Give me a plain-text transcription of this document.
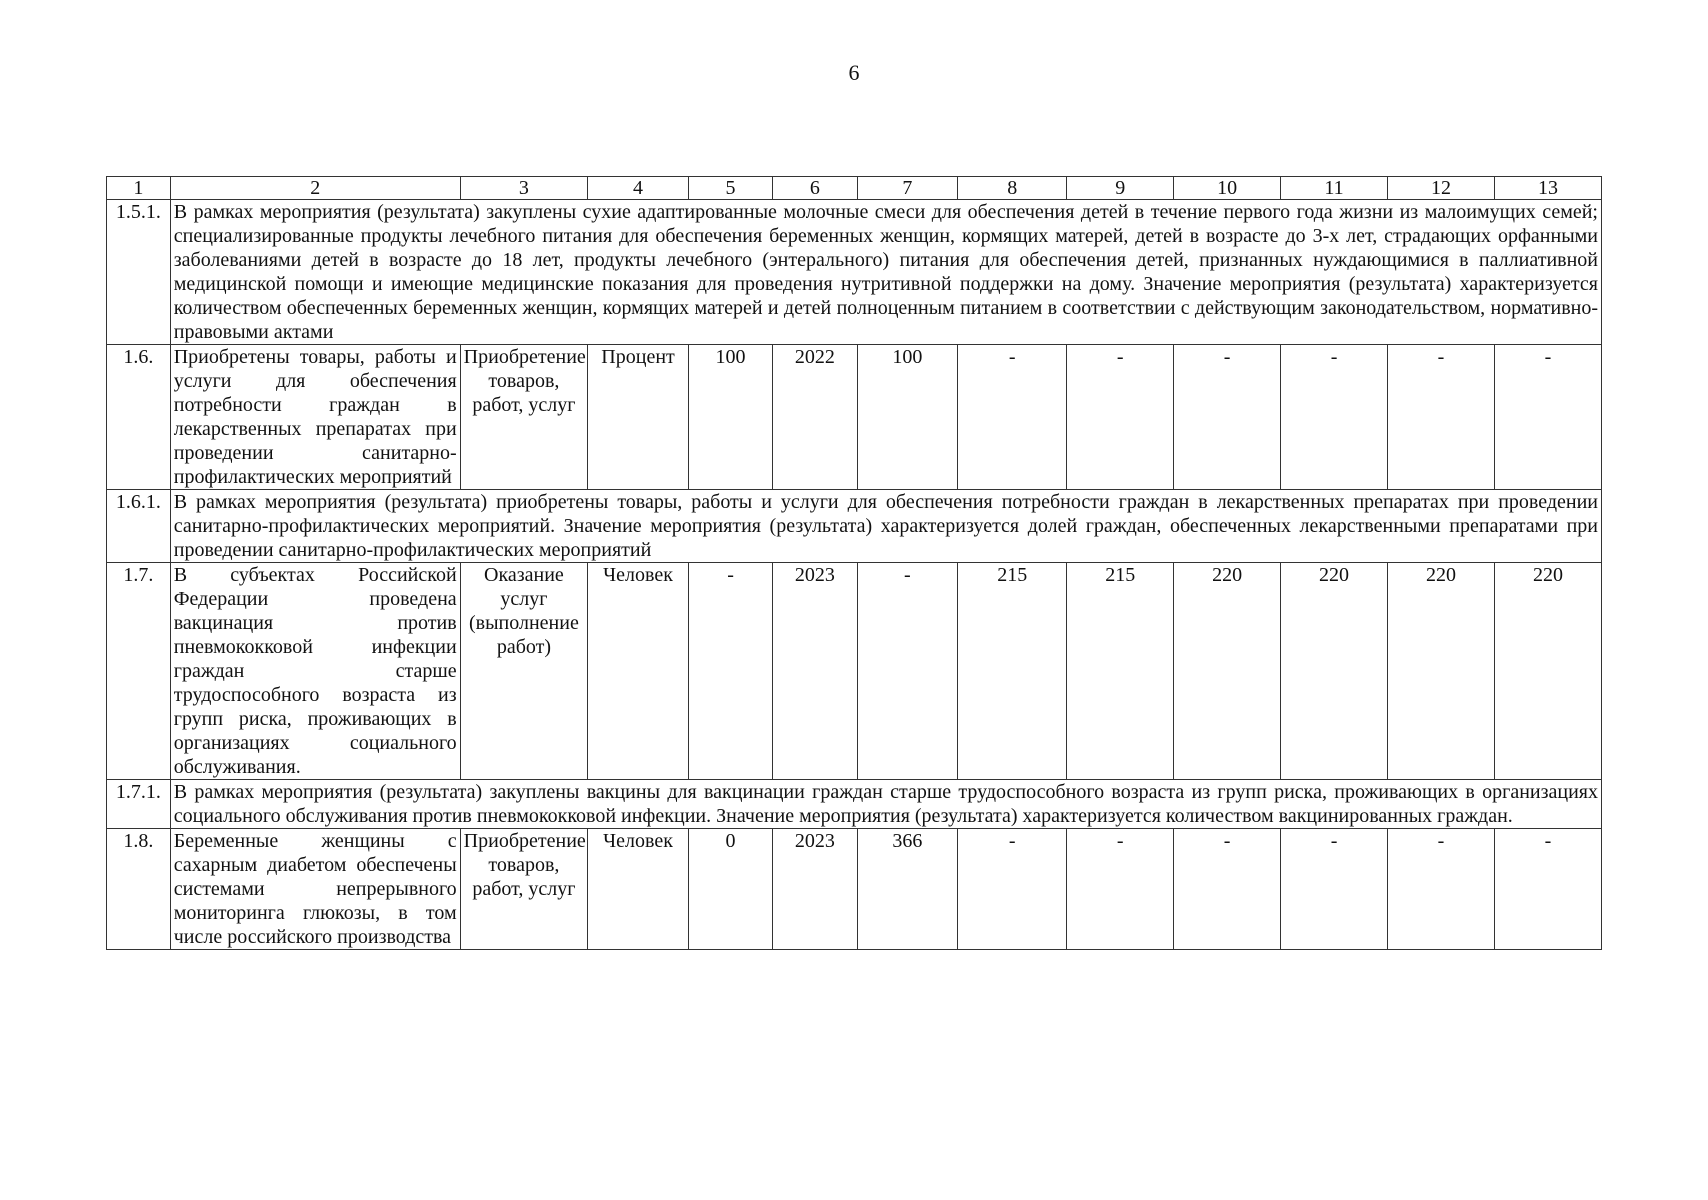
6
1	2	3	4	5	6	7	8	9	10	11	12	13
1.5.1.	В рамках мероприятия (результата) закуплены сухие адаптированные молочные смеси для обеспечения детей в течение первого года жизни из малоимущих семей; специализированные продукты лечебного питания для обеспечения беременных женщин, кормящих матерей, детей в возрасте до 3-х лет, страдающих орфанными заболеваниями детей в возрасте до 18 лет, продукты лечебного (энтерального) питания для обеспечения детей, признанных нуждающимися в паллиативной медицинской помощи и имеющие медицинские показания для проведения нутритивной поддержки на дому. Значение мероприятия (результата) характеризуется количеством обеспеченных беременных женщин, кормящих матерей и детей полноценным питанием в соответствии с действующим законодательством, нормативно-правовыми актами											
1.6.	Приобретены товары, работы и услуги для обеспечения потребности граждан в лекарственных препаратах при проведении санитарно-профилактических мероприятий	Приобретение товаров, работ, услуг	Процент	100	2022	100	-	-	-	-	-	-
1.6.1.	В рамках мероприятия (результата) приобретены товары, работы и услуги для обеспечения потребности граждан в лекарственных препаратах при проведении санитарно-профилактических мероприятий. Значение мероприятия (результата) характеризуется долей граждан, обеспеченных лекарственными препаратами при проведении санитарно-профилактических мероприятий											
1.7.	В субъектах Российской Федерации проведена вакцинация против пневмококковой инфекции граждан старше трудоспособного возраста из групп риска, проживающих в организациях социального обслуживания.	Оказание услуг (выполнение работ)	Человек	-	2023	-	215	215	220	220	220	220
1.7.1.	В рамках мероприятия (результата) закуплены вакцины для вакцинации граждан старше трудоспособного возраста из групп риска, проживающих в организациях социального обслуживания против пневмококковой инфекции. Значение мероприятия (результата) характеризуется количеством вакцинированных граждан.											
1.8.	Беременные женщины с сахарным диабетом обеспечены системами непрерывного мониторинга глюкозы, в том числе российского производства	Приобретение товаров, работ, услуг	Человек	0	2023	366	-	-	-	-	-	-
